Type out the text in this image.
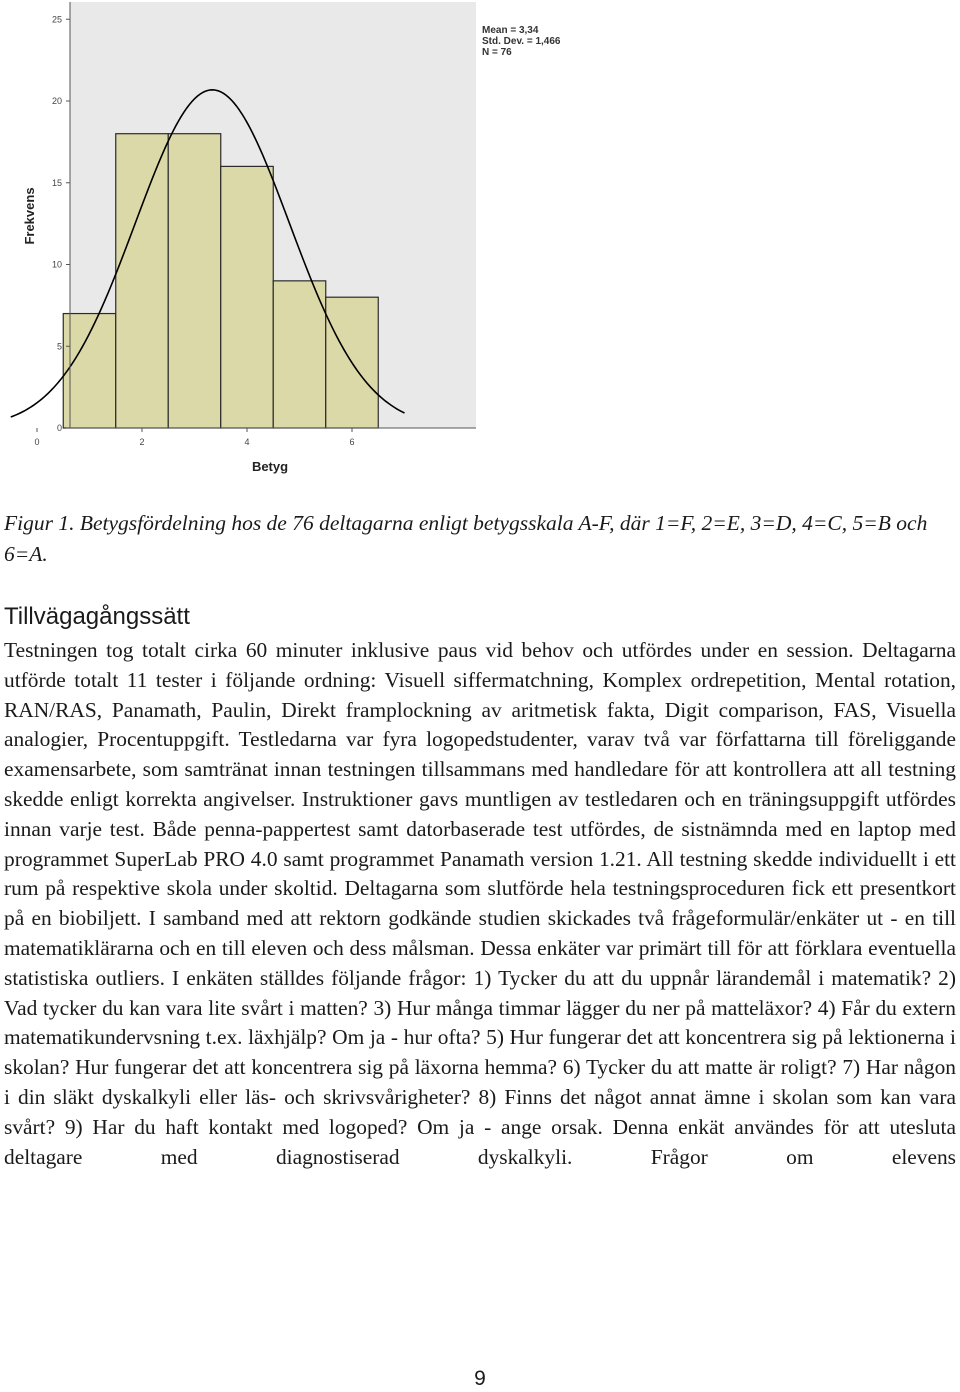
0
5
10
15
20
25
0	2	4	6
Frekvens
Betyg
Mean = 3,34
Std. Dev. = 1,466
N = 76
Figur 1. Betygsfördelning hos de 76 deltagarna enligt betygsskala A-F, där 1=F, 2=E, 3=D, 4=C, 5=B och 6=A.
Tillvägagångssätt

Testningen tog totalt cirka 60 minuter inklusive paus vid behov och utfördes under en session. Deltagarna utförde totalt 11 tester i följande ordning: Visuell siffermatchning, Komplex ordrepetition, Mental rotation, RAN/RAS, Panamath, Paulin, Direkt framplockning av aritmetisk fakta, Digit comparison, FAS, Visuella analogier, Procentuppgift. Testledarna var fyra logopedstudenter, varav två var författarna till föreliggande examensarbete, som samtränat innan testningen tillsammans med handledare för att kontrollera att all testning skedde enligt korrekta angivelser. Instruktioner gavs muntligen av testledaren och en träningsuppgift utfördes innan varje test. Både penna-pappertest samt datorbaserade test utfördes, de sistnämnda med en laptop med programmet SuperLab PRO 4.0 samt programmet Panamath version 1.21. All testning skedde individuellt i ett rum på respektive skola under skoltid. Deltagarna som slutförde hela testningsproceduren fick ett presentkort på en biobiljett. I samband med att rektorn godkände studien skickades två frågeformulär/enkäter ut - en till matematiklärarna och en till eleven och dess målsman. Dessa enkäter var primärt till för att förklara eventuella statistiska outliers. I enkäten ställdes följande frågor: 1) Tycker du att du uppnår lärandemål i matematik? 2) Vad tycker du kan vara lite svårt i matten? 3) Hur många timmar lägger du ner på matteläxor? 4) Får du extern matematikundervsning t.ex. läxhjälp? Om ja - hur ofta? 5) Hur fungerar det att koncentrera sig på lektionerna i skolan? Hur fungerar det att koncentrera sig på läxorna hemma? 6) Tycker du att matte är roligt? 7) Har någon i din släkt dyskalkyli eller läs- och skrivsvårigheter? 8) Finns det något annat ämne i skolan som kan vara svårt? 9) Har du haft kontakt med logoped? Om ja - ange orsak. Denna enkät användes för att utesluta deltagare med diagnostiserad dyskalkyli. Frågor om elevens

9
